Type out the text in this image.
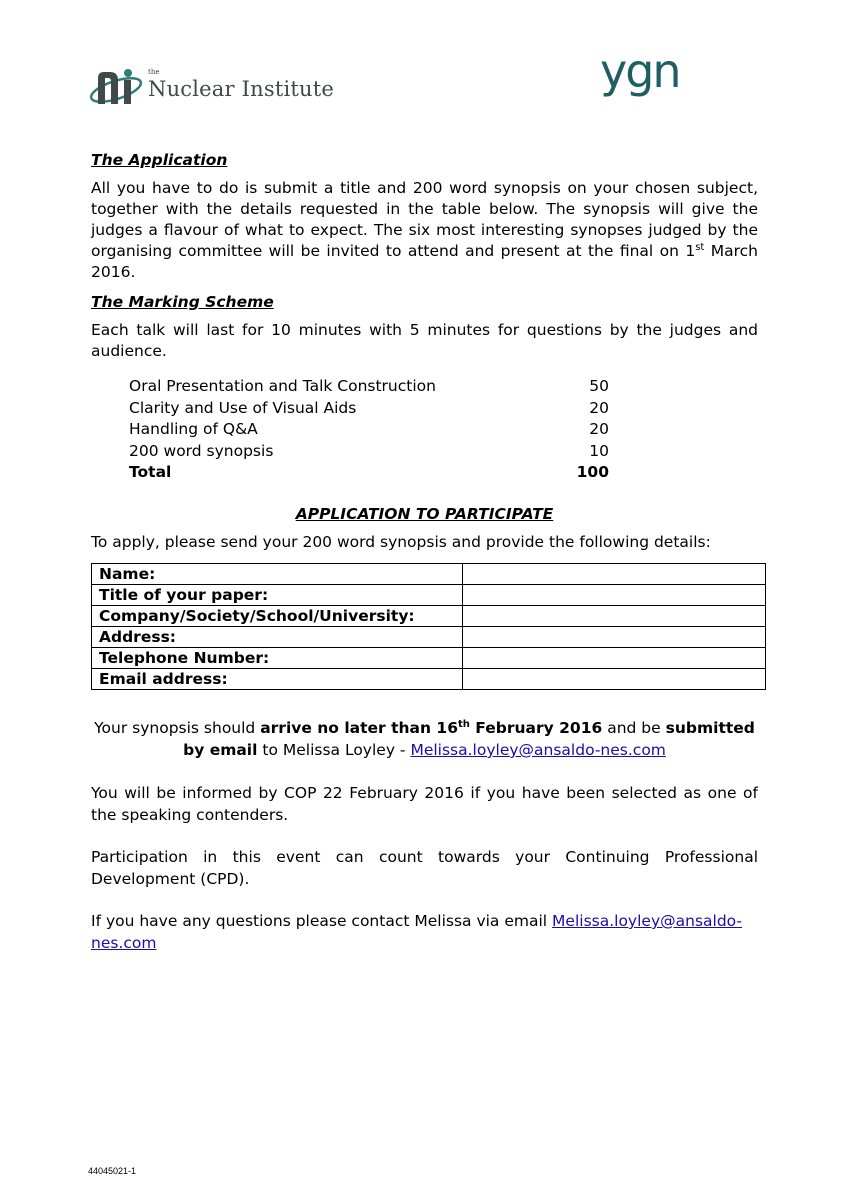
the
Nuclear Institute	ygn

The Application

All you have to do is submit a title and 200 word synopsis on your chosen subject, together with the details requested in the table below. The synopsis will give the judges a flavour of what to expect. The six most interesting synopses judged by the organising committee will be invited to attend and present at the final on 1st March 2016.

The Marking Scheme

Each talk will last for 10 minutes with 5 minutes for questions by the judges and audience.

Oral Presentation and Talk Construction	50
Clarity and Use of Visual Aids	20
Handling of Q&A	20
200 word synopsis	10
Total	100
APPLICATION TO PARTICIPATE
To apply, please send your 200 word synopsis and provide the following details:
Name:	
Title of your paper:	
Company/Society/School/University:	
Address:	
Telephone Number:	
Email address:	
Your synopsis should arrive no later than 16th February 2016 and be submitted by email to Melissa Loyley - Melissa.loyley@ansaldo-nes.com
You will be informed by COP 22 February 2016 if you have been selected as one of the speaking contenders.
Participation in this event can count towards your Continuing Professional Development (CPD).
If you have any questions please contact Melissa via email Melissa.loyley@ansaldo-nes.com
44045021-1
